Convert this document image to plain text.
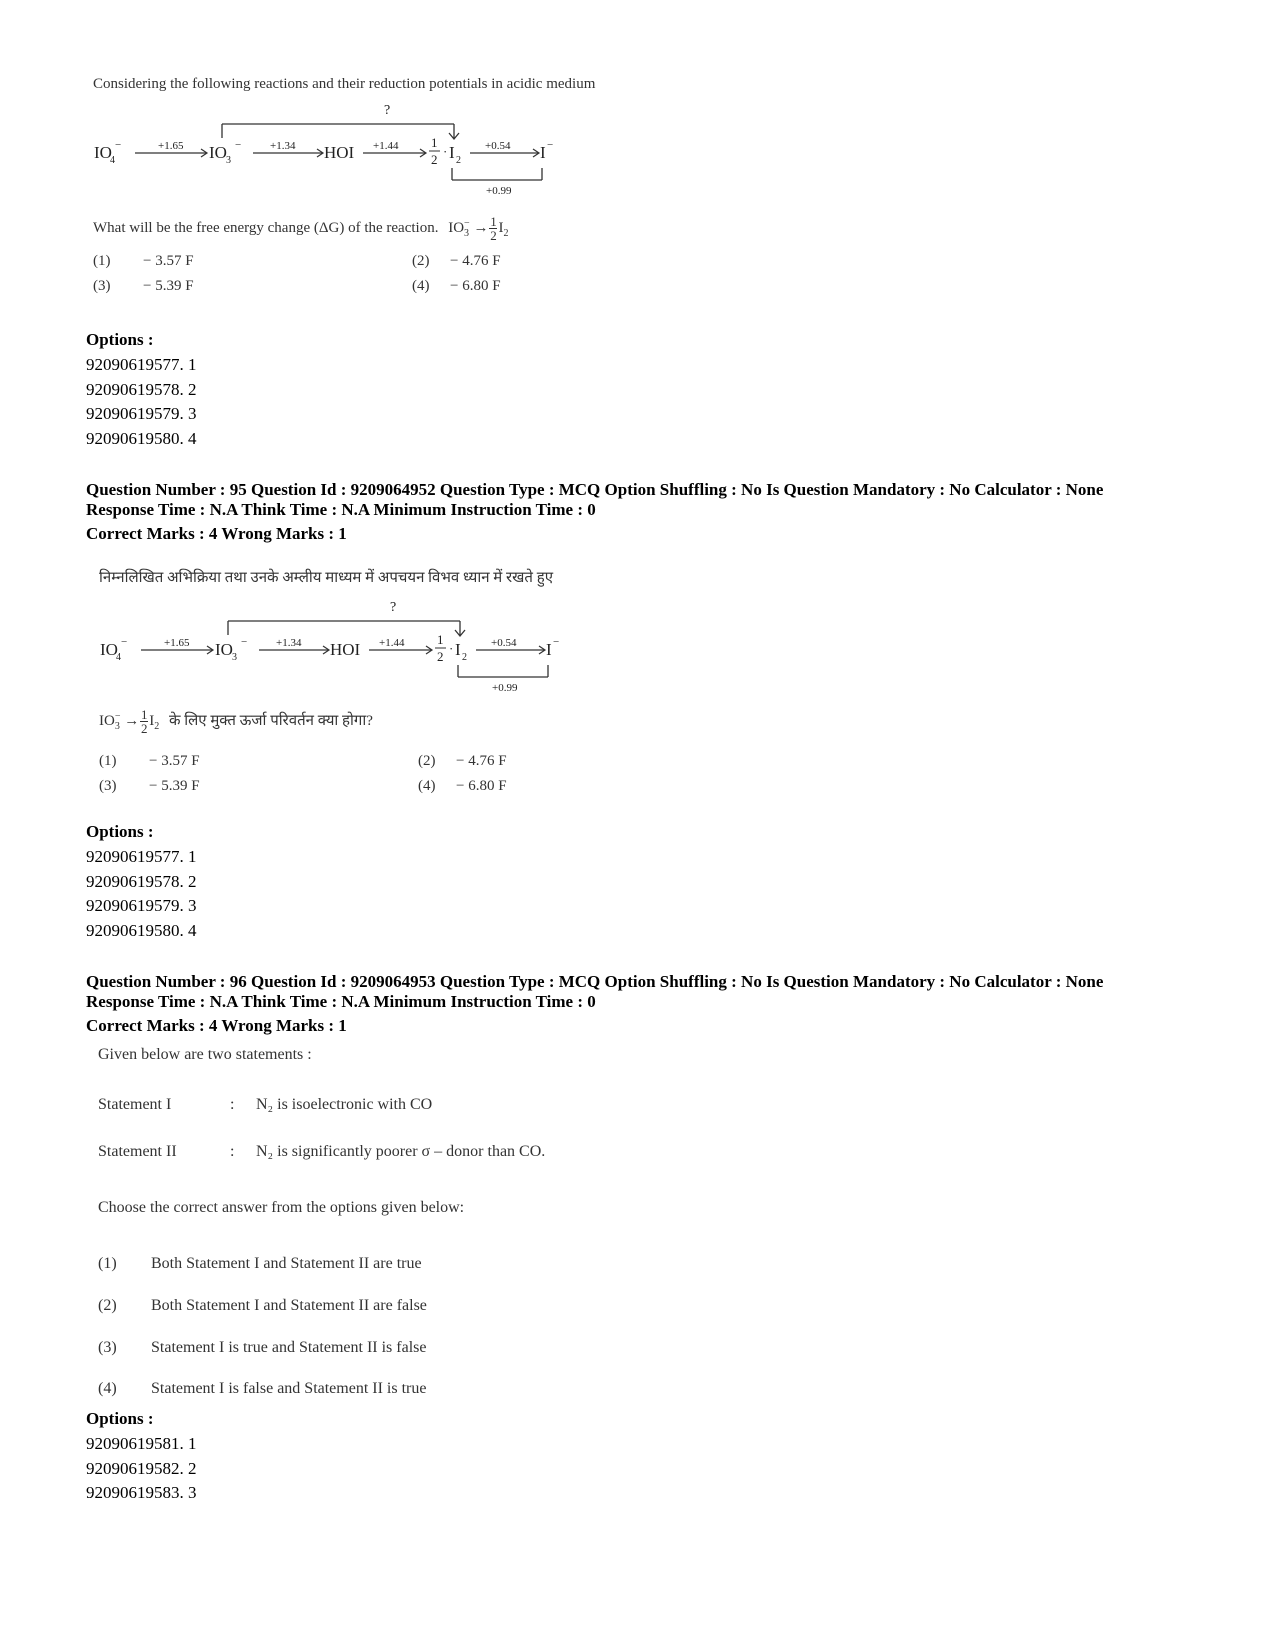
Considering the following reactions and their reduction potentials in acidic medium
?
IO
4
−	+1.65 IO 3
−	+1.34 HOI +1.44	1
2
· I 2
+0.54 I −
+0.99
What will be the free energy change (ΔG) of the reaction. IO −
$3 \to \frac{1}{2} I_2$
(1) − 3.57 F	(2) − 4.76 F
(3) − 5.39 F	(4) − 6.80 F
Options :
92090619577. 1
92090619578. 2
92090619579. 3
92090619580. 4
Question Number : 95 Question Id : 9209064952 Question Type : MCQ Option Shuffling : No Is Question Mandatory : No Calculator : None
Response Time : N.A Think Time : N.A Minimum Instruction Time : 0
Correct Marks : 4 Wrong Marks : 1
निम्नलिखित अभिक्रिया तथा उनके अम्लीय माध्यम में अपचयन विभव ध्यान में रखते हुए
?
IO
4
−	+1.65 IO 3
−	+1.34 HOI +1.44	1
2
· I 2
+0.54 I −
+0.99
IO −
$3 \to \frac{1}{2} I_2$ के लिए मुक्त ऊर्जा परिवर्तन क्या होगा?
(1) − 3.57 F	(2) − 4.76 F
(3) − 5.39 F	(4) − 6.80 F
Options :
92090619577. 1
92090619578. 2
92090619579. 3
92090619580. 4
Question Number : 96 Question Id : 9209064953 Question Type : MCQ Option Shuffling : No Is Question Mandatory : No Calculator : None
Response Time : N.A Think Time : N.A Minimum Instruction Time : 0
Correct Marks : 4 Wrong Marks : 1
Given below are two statements :
Statement I	: N₂ is isoelectronic with CO
Statement II	: N₂ is significantly poorer σ – donor than CO.
Choose the correct answer from the options given below:
(1) Both Statement I and Statement II are true
(2) Both Statement I and Statement II are false
(3) Statement I is true and Statement II is false
(4) Statement I is false and Statement II is true
Options :
92090619581. 1
92090619582. 2
92090619583. 3
